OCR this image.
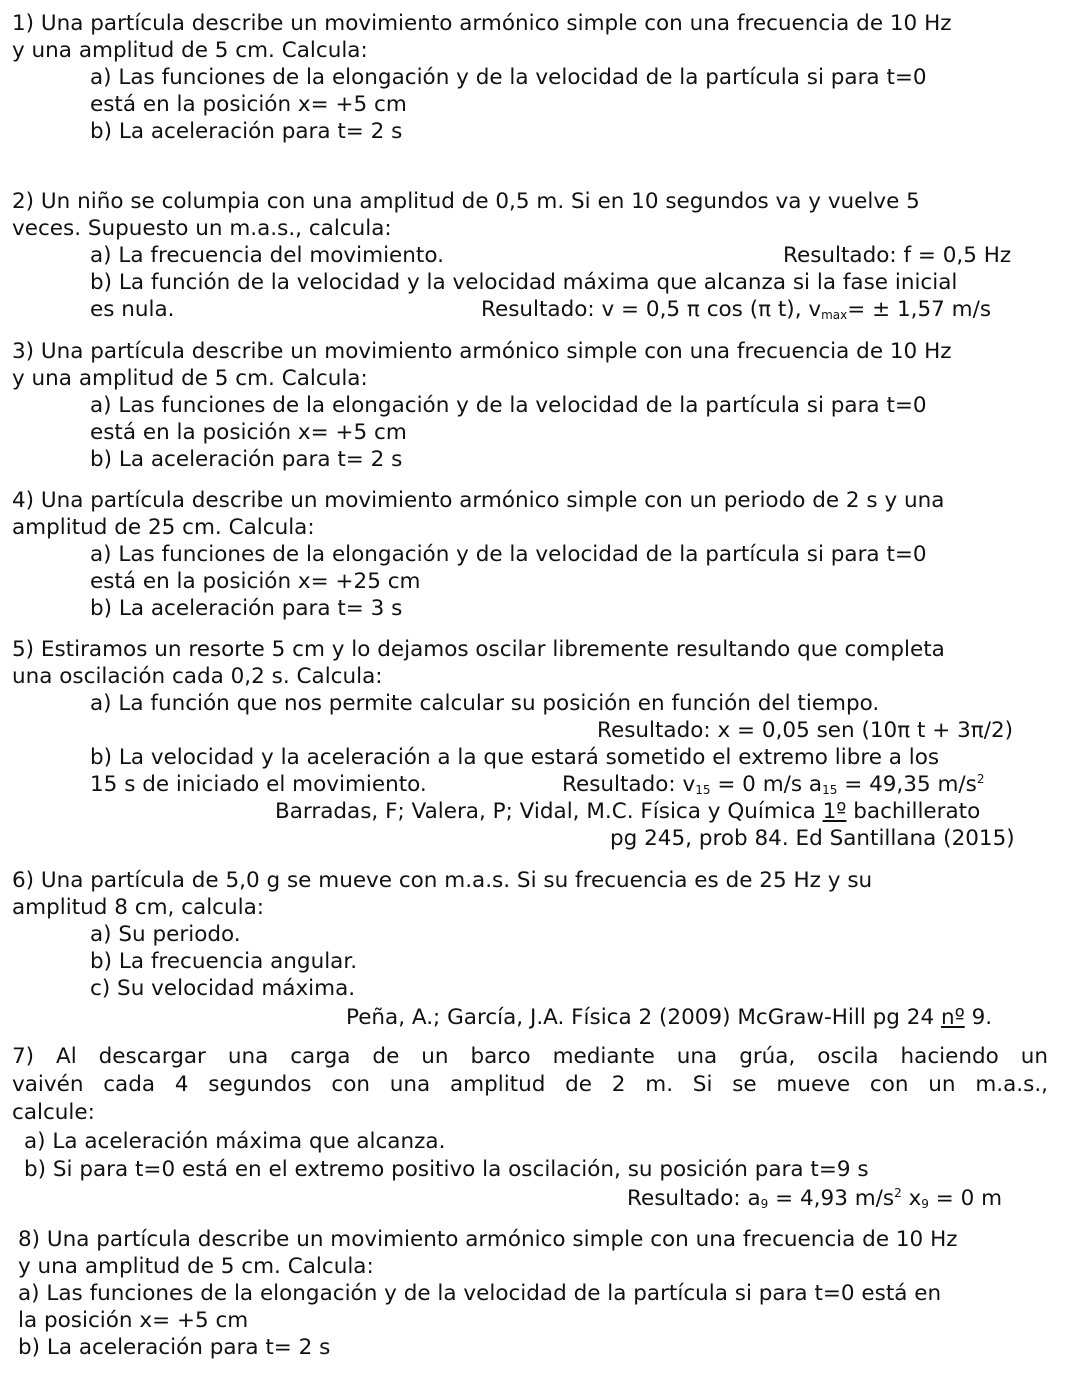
1) Una partícula describe un movimiento armónico simple con una frecuencia de 10 Hz
y una amplitud de 5 cm. Calcula:
a) Las funciones de la elongación y de la velocidad de la partícula si para t=0
está en la posición x= +5 cm
b) La aceleración para t= 2 s
2) Un niño se columpia con una amplitud de 0,5 m. Si en 10 segundos va y vuelve 5
veces. Supuesto un m.a.s., calcula:
a) La frecuencia del movimiento.	Resultado: f = 0,5 Hz
b) La función de la velocidad y la velocidad máxima que alcanza si la fase inicial
es nula.	Resultado: v = 0,5 π cos (π t), $v_{max}= \pm 1,57$ m/s
3) Una partícula describe un movimiento armónico simple con una frecuencia de 10 Hz
y una amplitud de 5 cm. Calcula:
a) Las funciones de la elongación y de la velocidad de la partícula si para t=0
está en la posición x= +5 cm
b) La aceleración para t= 2 s
4) Una partícula describe un movimiento armónico simple con un periodo de 2 s y una
amplitud de 25 cm. Calcula:
a) Las funciones de la elongación y de la velocidad de la partícula si para t=0
está en la posición x= +25 cm
b) La aceleración para t= 3 s
5) Estiramos un resorte 5 cm y lo dejamos oscilar libremente resultando que completa
una oscilación cada 0,2 s. Calcula:
a) La función que nos permite calcular su posición en función del tiempo.
Resultado: x = 0,05 sen (10π t + 3π/2)
b) La velocidad y la aceleración a la que estará sometido el extremo libre a los
15 s de iniciado el movimiento.	Resultado: $v_{15} = 0$ m/s $a_{15} = 49,35$ $m/s^2$
Barradas, F; Valera, P; Vidal, M.C. Física y Química 1º bachillerato
pg 245, prob 84. Ed Santillana (2015)
6) Una partícula de 5,0 g se mueve con m.a.s. Si su frecuencia es de 25 Hz y su
amplitud 8 cm, calcula:
a) Su periodo.
b) La frecuencia angular.
c) Su velocidad máxima.
Peña, A.; García, J.A. Física 2 (2009) McGraw-Hill pg 24 nº 9.
7) Al descargar una carga de un barco mediante una grúa, oscila haciendo un
vaivén cada 4 segundos con una amplitud de 2 m. Si se mueve con un m.a.s.,
calcule:
a) La aceleración máxima que alcanza.
b) Si para t=0 está en el extremo positivo la oscilación, su posición para t=9 s
Resultado: $a_9 = 4,93$ $m/s^2$ $x_9 = 0$ m
8) Una partícula describe un movimiento armónico simple con una frecuencia de 10 Hz
y una amplitud de 5 cm. Calcula:
a) Las funciones de la elongación y de la velocidad de la partícula si para t=0 está en
la posición x= +5 cm
b) La aceleración para t= 2 s
